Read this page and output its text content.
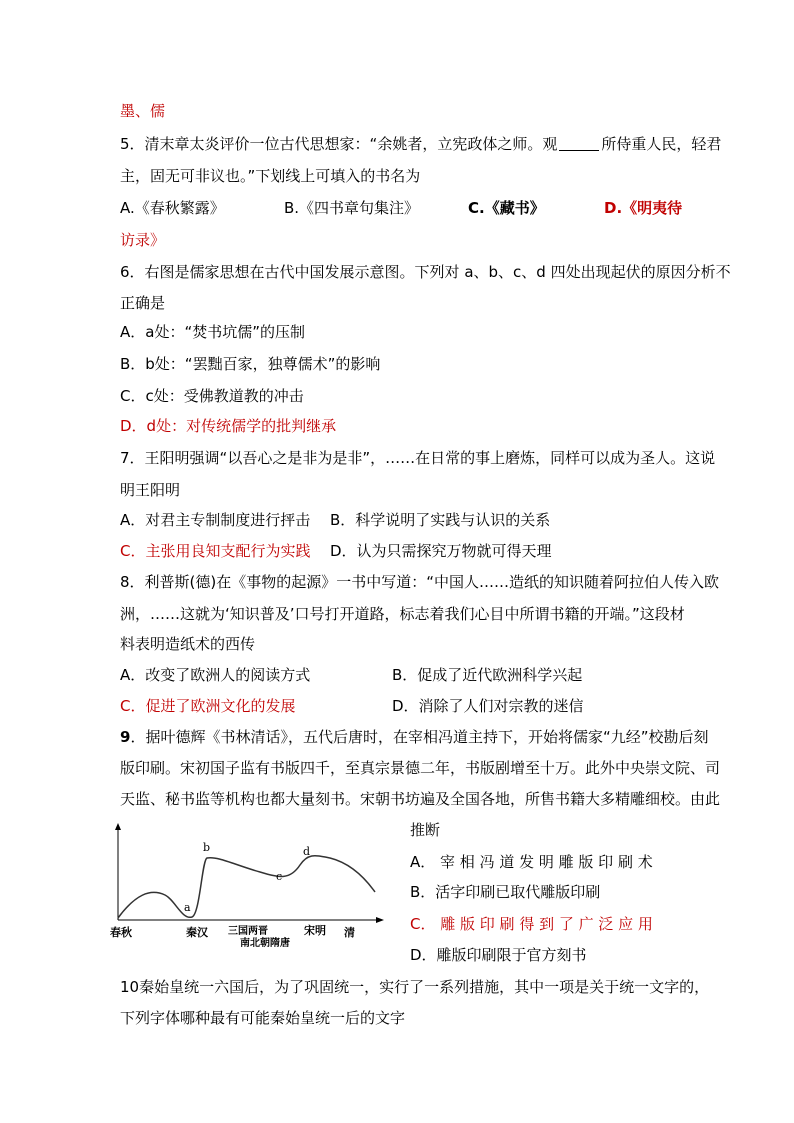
墨、儒
5．清末章太炎评价一位古代思想家：“余姚者，立宪政体之师。观	所侍重人民，轻君
主，固无可非议也。”下划线上可填入的书名为
A.《春秋繁露》	B.《四书章句集注》	C.《藏书》	D.《明夷待
访录》
6．右图是儒家思想在古代中国发展示意图。下列对 a、b、c、d 四处出现起伏的原因分析不
正确是
A．a处：“焚书坑儒”的压制
B．b处：“罢黜百家，独尊儒术”的影响
C．c处：受佛教道教的冲击
D．d处：对传统儒学的批判继承
7．王阳明强调“以吾心之是非为是非”，……在日常的事上磨炼，同样可以成为圣人。这说
明王阳明
A．对君主专制制度进行抨击 B．科学说明了实践与认识的关系
C．主张用良知支配行为实践 D．认为只需探究万物就可得天理
8．利普斯(德)在《事物的起源》一书中写道：“中国人……造纸的知识随着阿拉伯人传入欧
洲，……这就为‘知识普及’口号打开道路，标志着我们心目中所谓书籍的开端。”这段材
料表明造纸术的西传
A．改变了欧洲人的阅读方式	B．促成了近代欧洲科学兴起
C．促进了欧洲文化的发展	D．消除了人们对宗教的迷信
9．据叶德辉《书林清话》，五代后唐时，在宰相冯道主持下，开始将儒家“九经”校勘后刻
版印刷。宋初国子监有书版四千，至真宗景德二年，书版剧增至十万。此外中央崇文院、司
天监、秘书监等机构也都大量刻书。宋朝书坊遍及全国各地，所售书籍大多精雕细校。由此
推断
A． 宰 相 冯 道 发 明 雕 版 印 刷 术
B．活字印刷已取代雕版印刷
C． 雕 版 印 刷 得 到 了 广 泛 应 用
D．雕版印刷限于官方刻书
a
b
c
d
春秋	秦汉 三国两晋
南北朝隋唐
宋明 清
10秦始皇统一六国后，为了巩固统一，实行了一系列措施，其中一项是关于统一文字的，
下列字体哪种最有可能秦始皇统一后的文字
